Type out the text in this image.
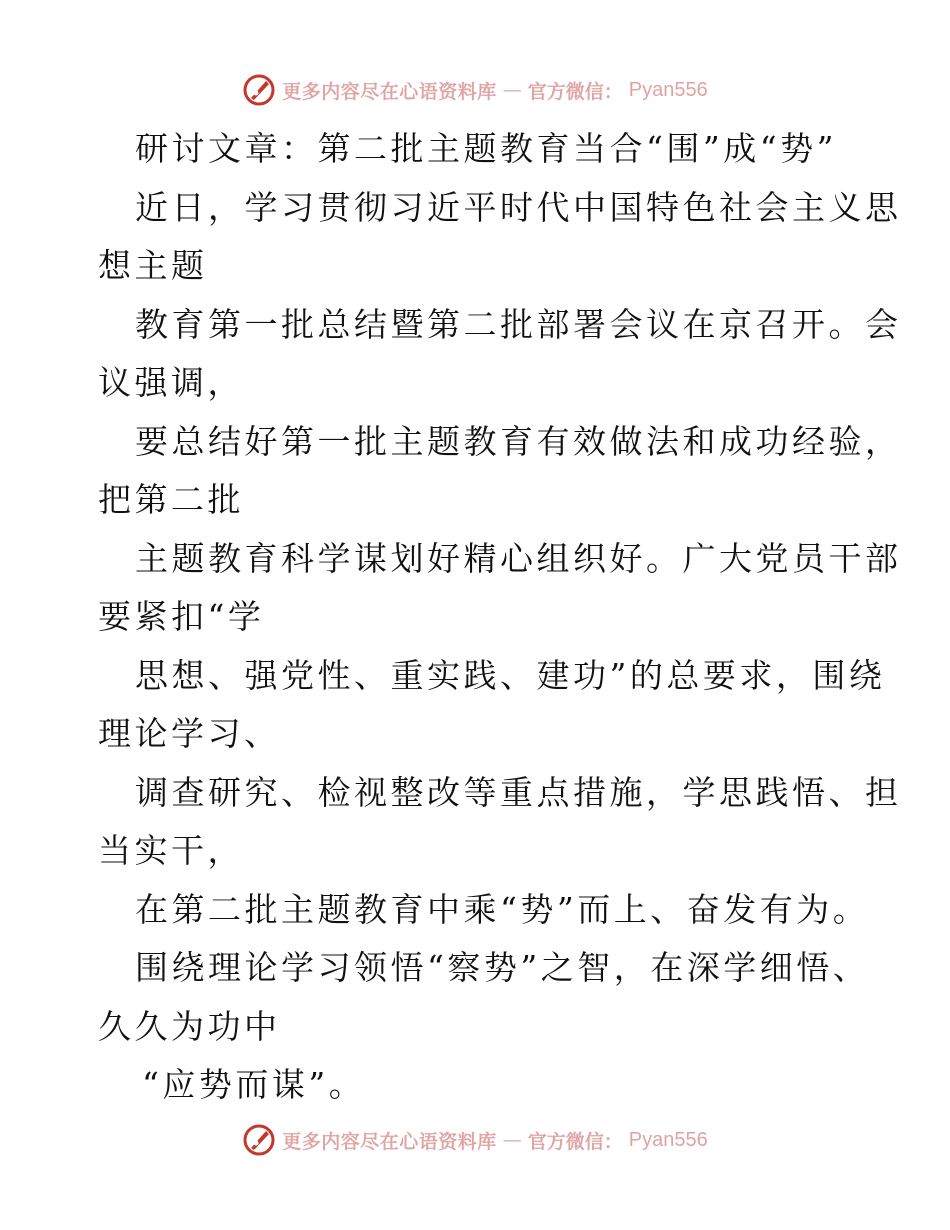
更多内容尽在心语资料库 — 官方微信： Pyan556
研讨文章：第二批主题教育当合“围”成“势”
近日，学习贯彻习近平时代中国特色社会主义思
想主题
教育第一批总结暨第二批部署会议在京召开。会
议强调，
要总结好第一批主题教育有效做法和成功经验，
把第二批
主题教育科学谋划好精心组织好。广大党员干部
要紧扣“学
思想、强党性、重实践、建功”的总要求，围绕
理论学习、
调查研究、检视整改等重点措施，学思践悟、担
当实干，
在第二批主题教育中乘“势”而上、奋发有为。
围绕理论学习领悟“察势”之智，在深学细悟、
久久为功中
“应势而谋”。
更多内容尽在心语资料库 — 官方微信： Pyan556
